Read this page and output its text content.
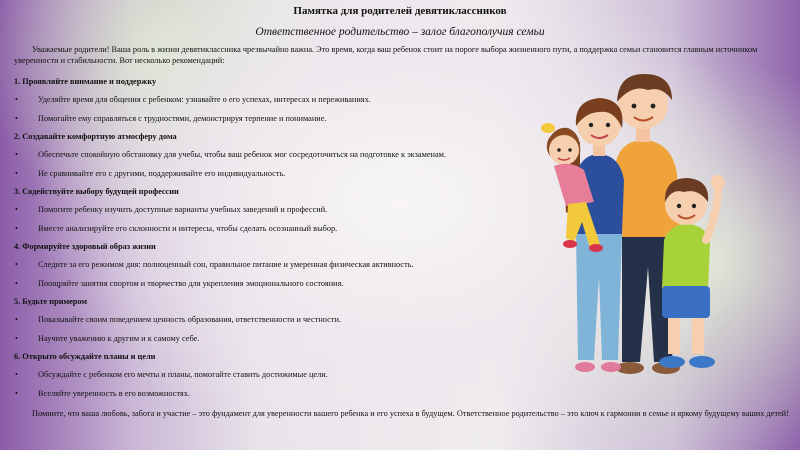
Памятка для родителей девятиклассников
Ответственное родительство – залог благополучия семьи

Уважаемые родители! Ваша роль в жизни девятиклассника чрезвычайно важна. Это время, когда ваш ребенок стоит на пороге выбора жизненного пути, а поддержка семьи становится главным источником уверенности и стабильности. Вот несколько рекомендаций:

1. Проявляйте внимание и поддержку
• Уделяйте время для общения с ребенком: узнавайте о его успехах, интересах и переживаниях.
• Помогайте ему справляться с трудностями, демонстрируя терпение и понимание.
2. Создавайте комфортную атмосферу дома
• Обеспечьте спокойную обстановку для учебы, чтобы ваш ребенок мог сосредоточиться на подготовке к экзаменам.
• Не сравнивайте его с другими, поддерживайте его индивидуальность.
3. Содействуйте выбору будущей профессии
• Помогите ребенку изучить доступные варианты учебных заведений и профессий.
• Вместе анализируйте его склонности и интересы, чтобы сделать осознанный выбор.
4. Формируйте здоровый образ жизни
• Следите за его режимом дня: полноценный сон, правильное питание и умеренная физическая активность.
• Поощряйте занятия спортом и творчество для укрепления эмоционального состояния.
5. Будьте примером
• Показывайте своим поведением ценность образования, ответственности и честности.
• Научите уважению к другим и к самому себе.
6. Открыто обсуждайте планы и цели
• Обсуждайте с ребенком его мечты и планы, помогайте ставить достижимые цели.
• Вселяйте уверенность в его возможностях.

Помните, что ваша любовь, забота и участие – это фундамент для уверенности вашего ребенка и его успеха в будущем. Ответственное родительство – это ключ к гармонии в семье и яркому будущему ваших детей!
